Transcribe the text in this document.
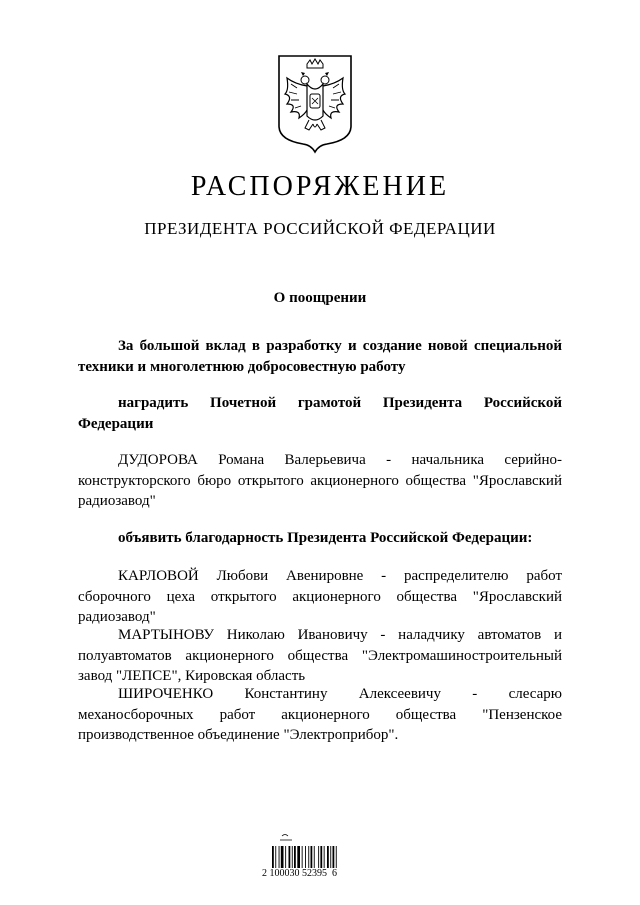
РАСПОРЯЖЕНИЕ
ПРЕЗИДЕНТА РОССИЙСКОЙ ФЕДЕРАЦИИ
О поощрении
За большой вклад в разработку и создание новой специальной техники и многолетнюю добросовестную работу
наградить Почетной грамотой Президента Российской Федерации
ДУДОРОВА Романа Валерьевича - начальника серийно-конструкторского бюро открытого акционерного общества "Ярославский радиозавод"
объявить благодарность Президента Российской Федерации:
КАРЛОВОЙ Любови Авенировне - распределителю работ сборочного цеха открытого акционерного общества "Ярославский радиозавод"
МАРТЫНОВУ Николаю Ивановичу - наладчику автоматов и полуавтоматов акционерного общества "Электромашиностроительный завод "ЛЕПСЕ", Кировская область
ШИРОЧЕНКО Константину Алексеевичу - слесарю механосборочных работ акционерного общества "Пензенское производственное объединение "Электроприбор".
2 100030 52395  6
